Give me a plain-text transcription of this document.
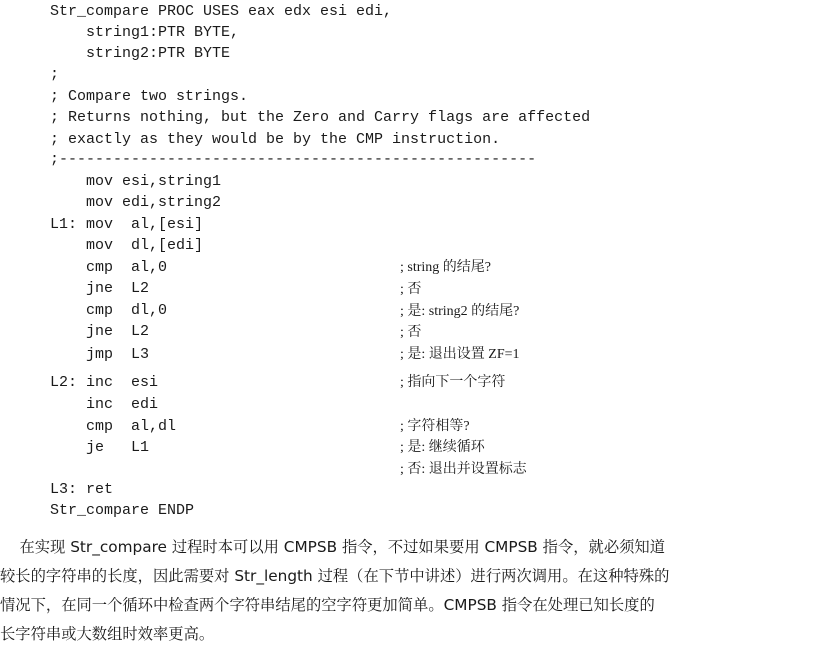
Str_compare PROC USES eax edx esi edi,
string1:PTR BYTE,
string2:PTR BYTE
;
; Compare two strings.
; Returns nothing, but the Zero and Carry flags are affected
; exactly as they would be by the CMP instruction.
;-----------------------------------------------------
mov esi,string1
mov edi,string2
L1: mov  al,[esi]
mov  dl,[edi]
cmp  al,0
jne  L2
cmp  dl,0
jne  L2
jmp  L3
L2: inc  esi
inc  edi
cmp  al,dl
je   L1
L3: ret
Str_compare ENDP
; string 的结尾?
; 否
; 是: string2 的结尾?
; 否
; 是: 退出设置 ZF=1
; 指向下一个字符
; 字符相等?
; 是: 继续循环
; 否: 退出并设置标志
在实现 Str_compare 过程时本可以用 CMPSB 指令，不过如果要用 CMPSB 指令，就必须知道
较长的字符串的长度，因此需要对 Str_length 过程（在下节中讲述）进行两次调用。在这种特殊的
情况下，在同一个循环中检查两个字符串结尾的空字符更加简单。CMPSB 指令在处理已知长度的
长字符串或大数组时效率更高。
